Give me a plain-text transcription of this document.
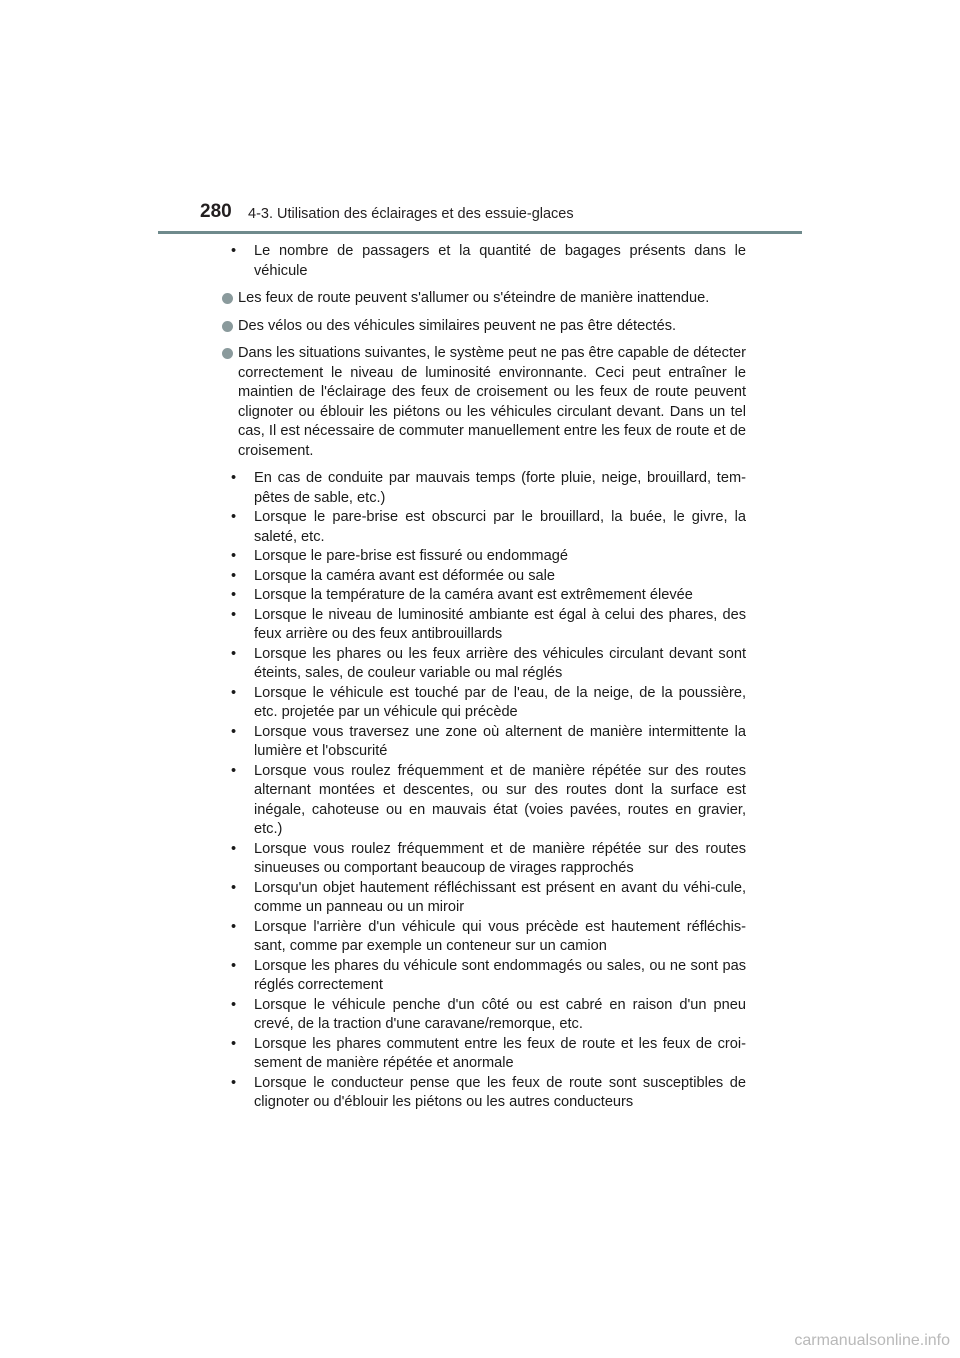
280 4-3. Utilisation des éclairages et des essuie-glaces
• Le nombre de passagers et la quantité de bagages présents dans le véhicule
Les feux de route peuvent s'allumer ou s'éteindre de manière inattendue.
Des vélos ou des véhicules similaires peuvent ne pas être détectés.
Dans les situations suivantes, le système peut ne pas être capable de détecter correctement le niveau de luminosité environnante. Ceci peut entraîner le maintien de l'éclairage des feux de croisement ou les feux de route peuvent clignoter ou éblouir les piétons ou les véhicules circulant devant. Dans un tel cas, Il est nécessaire de commuter manuellement entre les feux de route et de croisement.
• En cas de conduite par mauvais temps (forte pluie, neige, brouillard, tem-pêtes de sable, etc.)
• Lorsque le pare-brise est obscurci par le brouillard, la buée, le givre, la saleté, etc.
• Lorsque le pare-brise est fissuré ou endommagé
• Lorsque la caméra avant est déformée ou sale
• Lorsque la température de la caméra avant est extrêmement élevée
• Lorsque le niveau de luminosité ambiante est égal à celui des phares, des feux arrière ou des feux antibrouillards
• Lorsque les phares ou les feux arrière des véhicules circulant devant sont éteints, sales, de couleur variable ou mal réglés
• Lorsque le véhicule est touché par de l'eau, de la neige, de la poussière, etc. projetée par un véhicule qui précède
• Lorsque vous traversez une zone où alternent de manière intermittente la lumière et l'obscurité
• Lorsque vous roulez fréquemment et de manière répétée sur des routes alternant montées et descentes, ou sur des routes dont la surface est inégale, cahoteuse ou en mauvais état (voies pavées, routes en gravier, etc.)
• Lorsque vous roulez fréquemment et de manière répétée sur des routes sinueuses ou comportant beaucoup de virages rapprochés
• Lorsqu'un objet hautement réfléchissant est présent en avant du véhi-cule, comme un panneau ou un miroir
• Lorsque l'arrière d'un véhicule qui vous précède est hautement réfléchis-sant, comme par exemple un conteneur sur un camion
• Lorsque les phares du véhicule sont endommagés ou sales, ou ne sont pas réglés correctement
• Lorsque le véhicule penche d'un côté ou est cabré en raison d'un pneu crevé, de la traction d'une caravane/remorque, etc.
• Lorsque les phares commutent entre les feux de route et les feux de croi-sement de manière répétée et anormale
• Lorsque le conducteur pense que les feux de route sont susceptibles de clignoter ou d'éblouir les piétons ou les autres conducteurs
carmanualsonline.info
